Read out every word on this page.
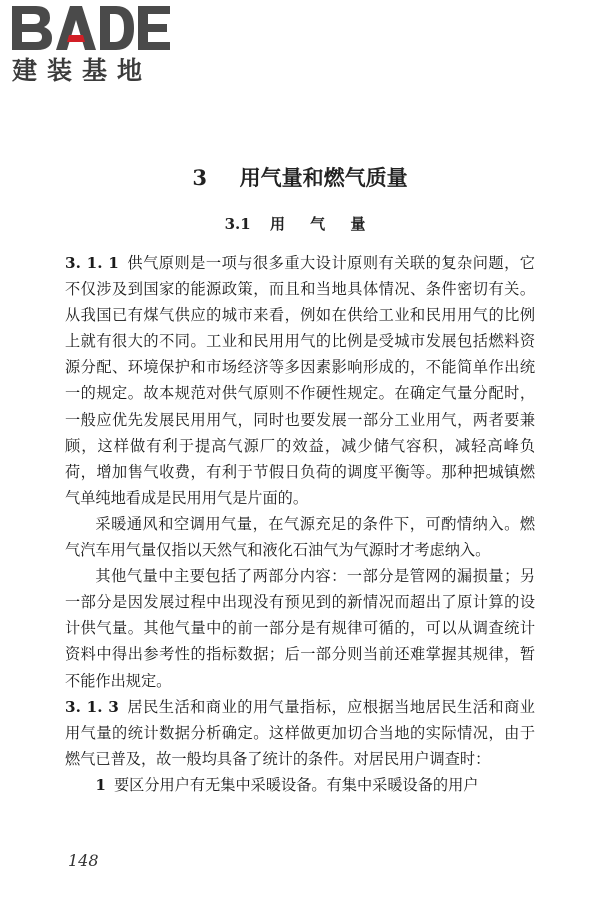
建装基地
3 用气量和燃气质量
3.1 用 气 量

3. 1. 1 供气原则是一项与很多重大设计原则有关联的复杂问题，它不仅涉及到国家的能源政策，而且和当地具体情况、条件密切有关。从我国已有煤气供应的城市来看，例如在供给工业和民用用气的比例上就有很大的不同。工业和民用用气的比例是受城市发展包括燃料资源分配、环境保护和市场经济等多因素影响形成的，不能简单作出统一的规定。故本规范对供气原则不作硬性规定。在确定气量分配时，一般应优先发展民用用气，同时也要发展一部分工业用气，两者要兼顾，这样做有利于提高气源厂的效益，减少储气容积，减轻高峰负荷，增加售气收费，有利于节假日负荷的调度平衡等。那种把城镇燃气单纯地看成是民用用气是片面的。

采暖通风和空调用气量，在气源充足的条件下，可酌情纳入。燃气汽车用气量仅指以天然气和液化石油气为气源时才考虑纳入。

其他气量中主要包括了两部分内容：一部分是管网的漏损量；另一部分是因发展过程中出现没有预见到的新情况而超出了原计算的设计供气量。其他气量中的前一部分是有规律可循的，可以从调查统计资料中得出参考性的指标数据；后一部分则当前还难掌握其规律，暂不能作出规定。

3. 1. 3 居民生活和商业的用气量指标，应根据当地居民生活和商业用气量的统计数据分析确定。这样做更加切合当地的实际情况，由于燃气已普及，故一般均具备了统计的条件。对居民用户调查时：

1 要区分用户有无集中采暖设备。有集中采暖设备的用户

148
